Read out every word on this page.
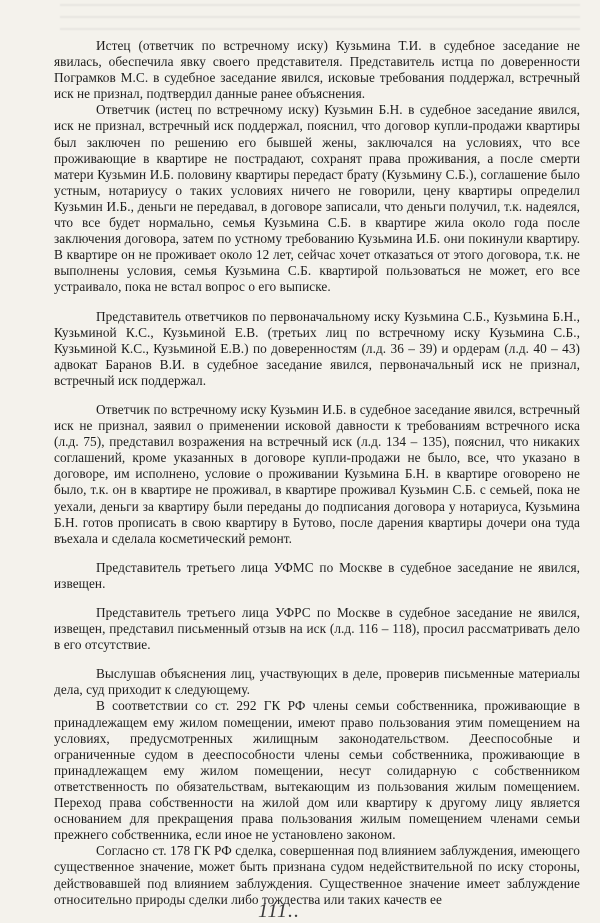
Истец (ответчик по встречному иску) Кузьмина Т.И. в судебное заседание не явилась, обеспечила явку своего представителя. Представитель истца по доверенности Пограмков М.С. в судебное заседание явился, исковые требования поддержал, встречный иск не признал, подтвердил данные ранее объяснения.

Ответчик (истец по встречному иску) Кузьмин Б.Н. в судебное заседание явился, иск не признал, встречный иск поддержал, пояснил, что договор купли-продажи квартиры был заключен по решению его бывшей жены, заключался на условиях, что все проживающие в квартире не пострадают, сохранят права проживания, а после смерти матери Кузьмин И.Б. половину квартиры передаст брату (Кузьмину С.Б.), соглашение было устным, нотариусу о таких условиях ничего не говорили, цену квартиры определил Кузьмин И.Б., деньги не передавал, в договоре записали, что деньги получил, т.к. надеялся, что все будет нормально, семья Кузьмина С.Б. в квартире жила около года после заключения договора, затем по устному требованию Кузьмина И.Б. они покинули квартиру. В квартире он не проживает около 12 лет, сейчас хочет отказаться от этого договора, т.к. не выполнены условия, семья Кузьмина С.Б. квартирой пользоваться не может, его все устраивало, пока не встал вопрос о его выписке.

Представитель ответчиков по первоначальному иску Кузьмина С.Б., Кузьмина Б.Н., Кузьминой К.С., Кузьминой Е.В. (третьих лиц по встречному иску Кузьмина С.Б., Кузьминой К.С., Кузьминой Е.В.) по доверенностям (л.д. 36 – 39) и ордерам (л.д. 40 – 43) адвокат Баранов В.И. в судебное заседание явился, первоначальный иск не признал, встречный иск поддержал.

Ответчик по встречному иску Кузьмин И.Б. в судебное заседание явился, встречный иск не признал, заявил о применении исковой давности к требованиям встречного иска (л.д. 75), представил возражения на встречный иск (л.д. 134 – 135), пояснил, что никаких соглашений, кроме указанных в договоре купли-продажи не было, все, что указано в договоре, им исполнено, условие о проживании Кузьмина Б.Н. в квартире оговорено не было, т.к. он в квартире не проживал, в квартире проживал Кузьмин С.Б. с семьей, пока не уехали, деньги за квартиру были переданы до подписания договора у нотариуса, Кузьмина Б.Н. готов прописать в свою квартиру в Бутово, после дарения квартиры дочери она туда въехала и сделала косметический ремонт.

Представитель третьего лица УФМС по Москве в судебное заседание не явился, извещен.

Представитель третьего лица УФРС по Москве в судебное заседание не явился, извещен, представил письменный отзыв на иск (л.д. 116 – 118), просил рассматривать дело в его отсутствие.

Выслушав объяснения лиц, участвующих в деле, проверив письменные материалы дела, суд приходит к следующему.

В соответствии со ст. 292 ГК РФ члены семьи собственника, проживающие в принадлежащем ему жилом помещении, имеют право пользования этим помещением на условиях, предусмотренных жилищным законодательством. Дееспособные и ограниченные судом в дееспособности члены семьи собственника, проживающие в принадлежащем ему жилом помещении, несут солидарную с собственником ответственность по обязательствам, вытекающим из пользования жилым помещением. Переход права собственности на жилой дом или квартиру к другому лицу является основанием для прекращения права пользования жилым помещением членами семьи прежнего собственника, если иное не установлено законом.

Согласно ст. 178 ГК РФ сделка, совершенная под влиянием заблуждения, имеющего существенное значение, может быть признана судом недействительной по иску стороны, действовавшей под влиянием заблуждения. Существенное значение имеет заблуждение относительно природы сделки либо тождества или таких качеств ее

111..
